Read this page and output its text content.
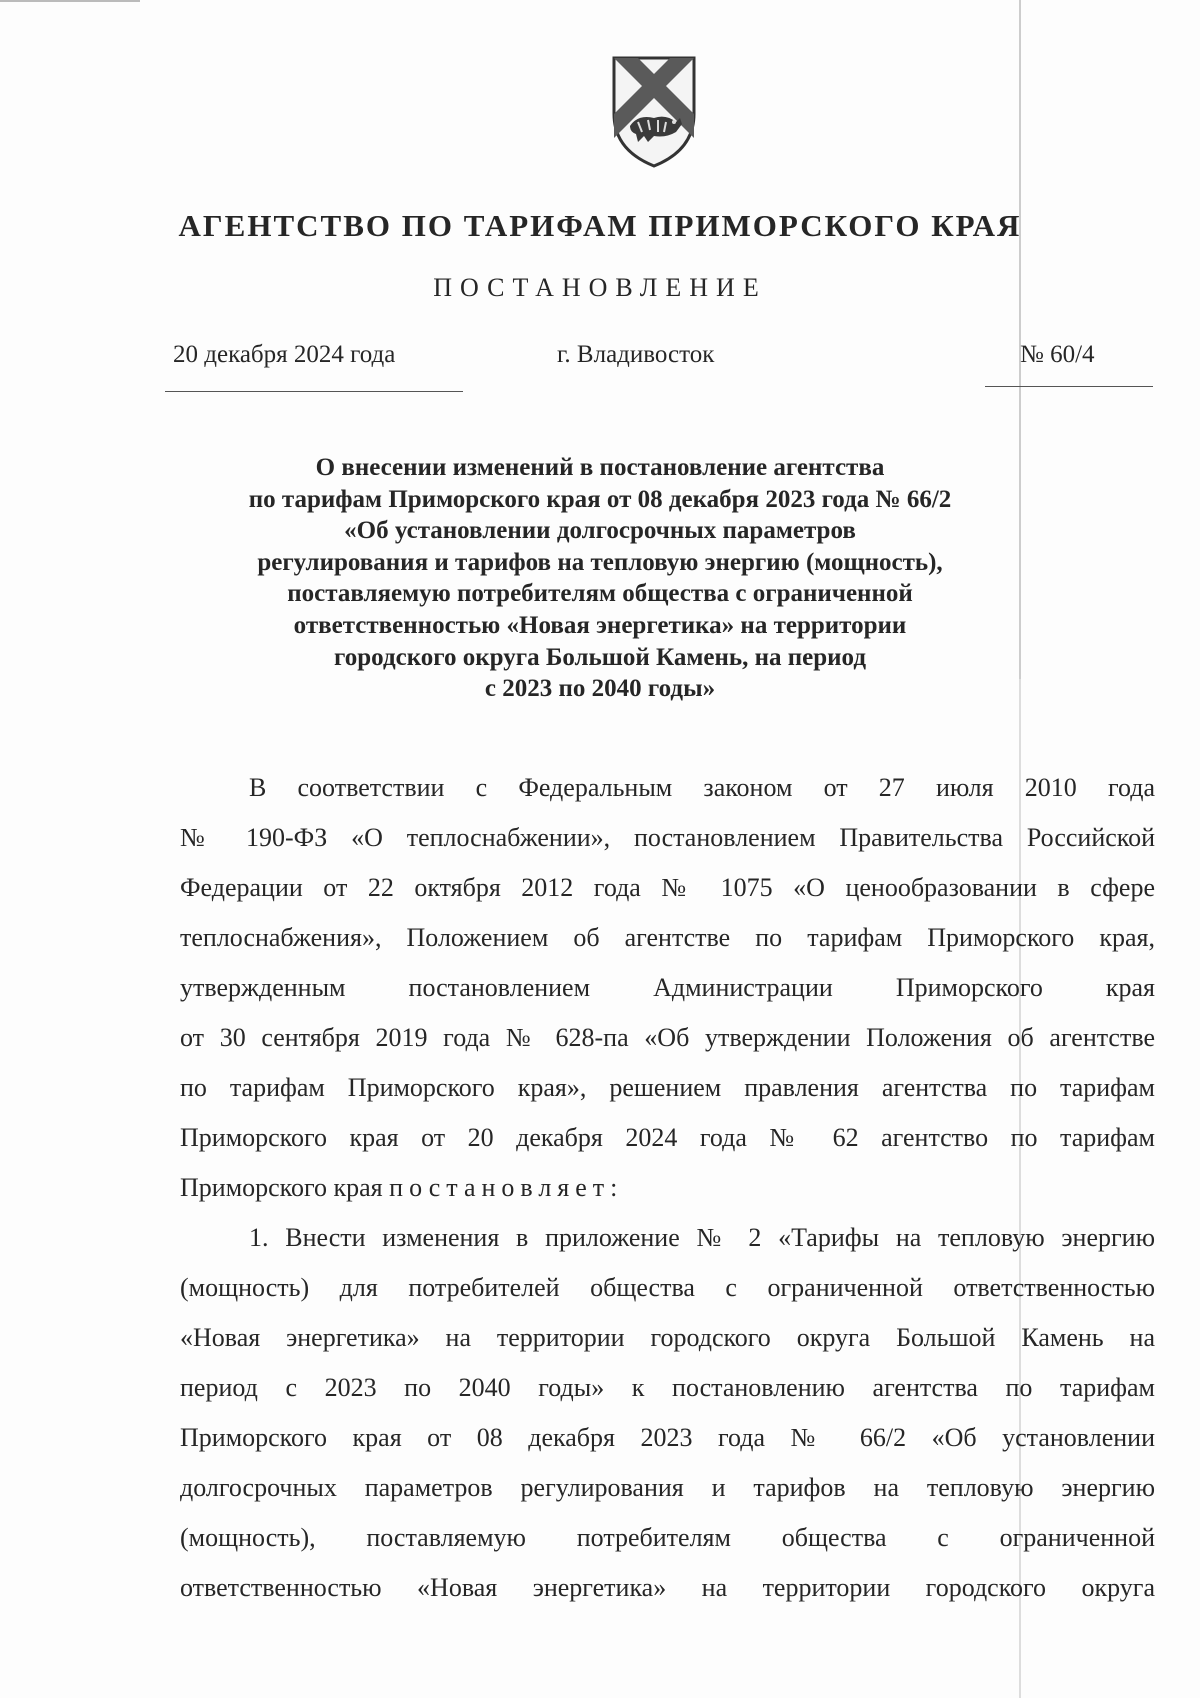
АГЕНТСТВО ПО ТАРИФАМ ПРИМОРСКОГО КРАЯ
ПОСТАНОВЛЕНИЕ
20 декабря 2024 года	г. Владивосток	№ 60/4
О внесении изменений в постановление агентства
по тарифам Приморского края от 08 декабря 2023 года № 66/2
«Об установлении долгосрочных параметров
регулирования и тарифов на тепловую энергию (мощность),
поставляемую потребителям общества с ограниченной
ответственностью «Новая энергетика» на территории
городского округа Большой Камень, на период
с 2023 по 2040 годы»
В соответствии с Федеральным законом от 27 июля 2010 года
№ 190-ФЗ «О теплоснабжении», постановлением Правительства Российской
Федерации от 22 октября 2012 года № 1075 «О ценообразовании в сфере
теплоснабжения», Положением об агентстве по тарифам Приморского края,
утвержденным постановлением Администрации Приморского края
от 30 сентября 2019 года № 628-па «Об утверждении Положения об агентстве
по тарифам Приморского края», решением правления агентства по тарифам
Приморского края от 20 декабря 2024 года № 62 агентство по тарифам
Приморского края постановляет:
1. Внести изменения в приложение № 2 «Тарифы на тепловую энергию
(мощность) для потребителей общества с ограниченной ответственностью
«Новая энергетика» на территории городского округа Большой Камень на
период с 2023 по 2040 годы» к постановлению агентства по тарифам
Приморского края от 08 декабря 2023 года № 66/2 «Об установлении
долгосрочных параметров регулирования и тарифов на тепловую энергию
(мощность), поставляемую потребителям общества с ограниченной
ответственностью «Новая энергетика» на территории городского округа
